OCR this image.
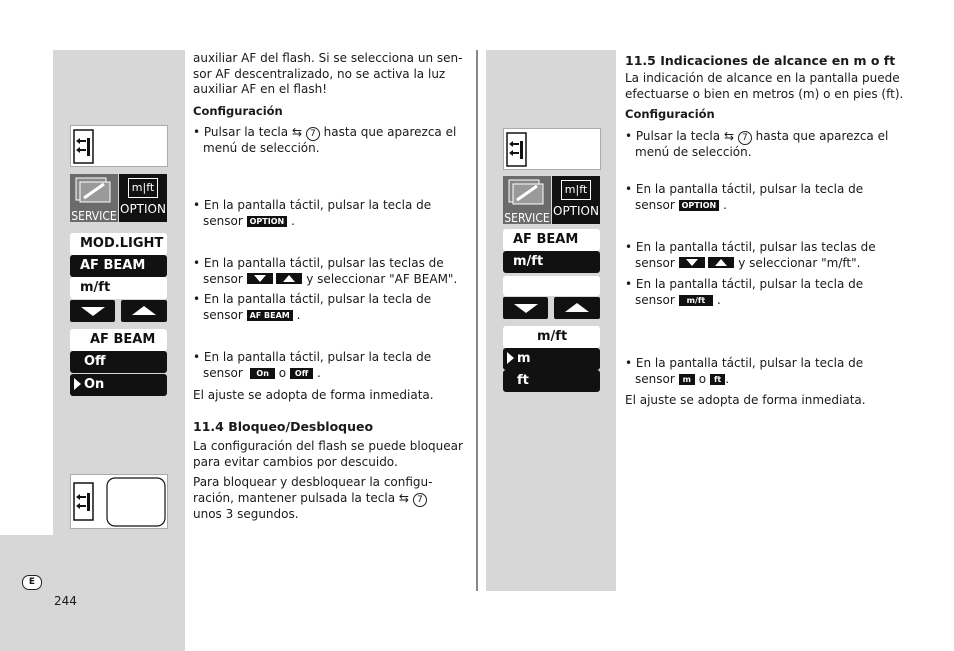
E
244
SERVICE
m|ft
OPTION
MOD.LIGHT
AF BEAM
m/ft
AF BEAM
Off
On

auxiliar AF del flash. Si se selecciona un sen-

sor AF descentralizado, no se activa la luz

auxiliar AF en el flash!

Configuración

• Pulsar la tecla ⇆ 7 hasta que aparezca el

menú de selección.

• En la pantalla táctil, pulsar la tecla de

sensor OPTION .

• En la pantalla táctil, pulsar las teclas de

sensor	y seleccionar "AF BEAM".

• En la pantalla táctil, pulsar la tecla de

sensor AF BEAM .

• En la pantalla táctil, pulsar la tecla de

sensor On o Off .

El ajuste se adopta de forma inmediata.
11.4 Bloqueo/Desbloqueo

La configuración del flash se puede bloquear

para evitar cambios por descuido.

Para bloquear y desbloquear la configu-

ración, mantener pulsada la tecla ⇆ 7

unos 3 segundos.

SERVICE
m|ft
OPTION
AF BEAM
m/ft
m/ft
m
ft
11.5 Indicaciones de alcance en m o ft

La indicación de alcance en la pantalla puede

efectuarse o bien en metros (m) o en pies (ft).

Configuración

• Pulsar la tecla ⇆ 7 hasta que aparezca el

menú de selección.

• En la pantalla táctil, pulsar la tecla de

sensor OPTION .

• En la pantalla táctil, pulsar las teclas de

sensor	y seleccionar "m/ft".

• En la pantalla táctil, pulsar la tecla de

sensor m/ft .

• En la pantalla táctil, pulsar la tecla de

sensor m o ft .

El ajuste se adopta de forma inmediata.
